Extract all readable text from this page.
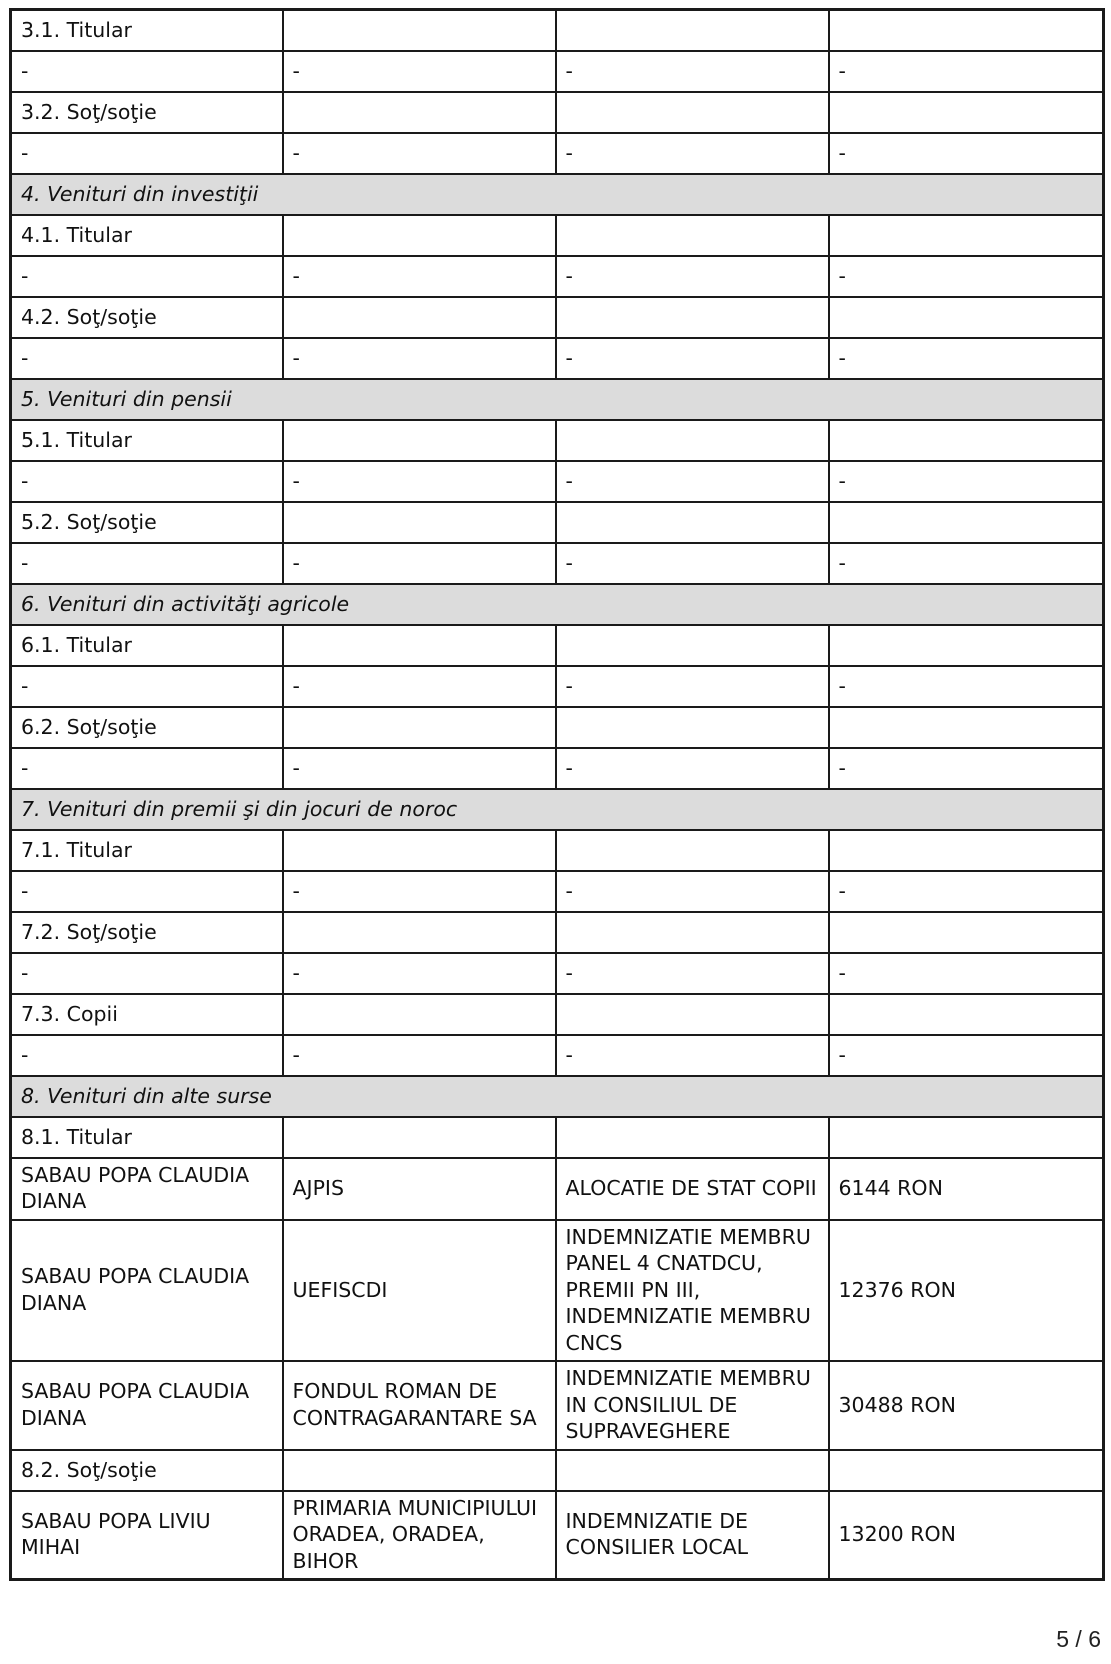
3.1. Titular			
-	-	-	-
3.2. Soţ/soţie			
-	-	-	-
4. Venituri din investiţii			
4.1. Titular			
-	-	-	-
4.2. Soţ/soţie			
-	-	-	-
5. Venituri din pensii			
5.1. Titular			
-	-	-	-
5.2. Soţ/soţie			
-	-	-	-
6. Venituri din activităţi agricole			
6.1. Titular			
-	-	-	-
6.2. Soţ/soţie			
-	-	-	-
7. Venituri din premii şi din jocuri de noroc			
7.1. Titular			
-	-	-	-
7.2. Soţ/soţie			
-	-	-	-
7.3. Copii			
-	-	-	-
8. Venituri din alte surse			
8.1. Titular			
SABAU POPA CLAUDIA DIANA	AJPIS	ALOCATIE DE STAT COPII	6144 RON
SABAU POPA CLAUDIA DIANA	UEFISCDI	INDEMNIZATIE MEMBRU PANEL 4 CNATDCU, PREMII PN III, INDEMNIZATIE MEMBRU CNCS	12376 RON
SABAU POPA CLAUDIA DIANA	FONDUL ROMAN DE CONTRAGARANTARE SA	INDEMNIZATIE MEMBRU IN CONSILIUL DE SUPRAVEGHERE	30488 RON
8.2. Soţ/soţie			
SABAU POPA LIVIU MIHAI	PRIMARIA MUNICIPIULUI ORADEA, ORADEA, BIHOR	INDEMNIZATIE DE CONSILIER LOCAL	13200 RON
5 / 6
